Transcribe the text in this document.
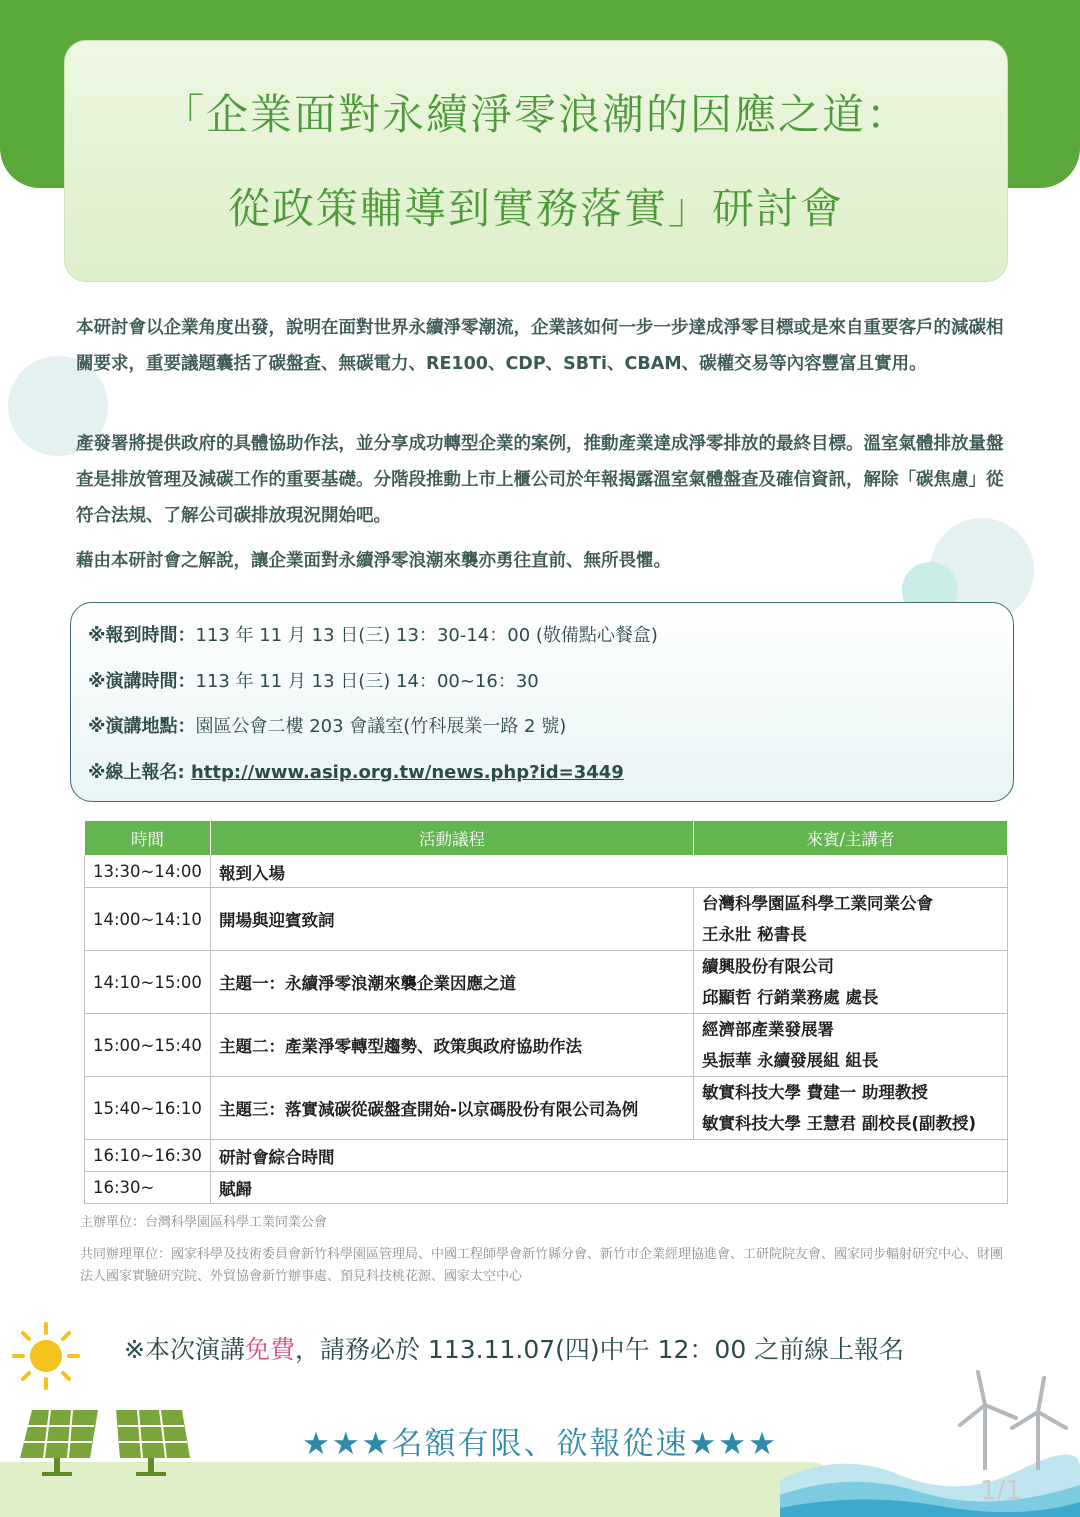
「企業面對永續淨零浪潮的因應之道：
從政策輔導到實務落實」研討會
本研討會以企業角度出發，說明在面對世界永續淨零潮流，企業該如何一步一步達成淨零目標或是來自重要客戶的減碳相關要求，重要議題囊括了碳盤查、無碳電力、RE100、CDP、SBTi、CBAM、碳權交易等內容豐富且實用。
產發署將提供政府的具體協助作法，並分享成功轉型企業的案例，推動產業達成淨零排放的最終目標。溫室氣體排放量盤查是排放管理及減碳工作的重要基礎。分階段推動上市上櫃公司於年報揭露溫室氣體盤查及確信資訊，解除「碳焦慮」從符合法規、了解公司碳排放現況開始吧。
藉由本研討會之解說，讓企業面對永續淨零浪潮來襲亦勇往直前、無所畏懼。
※報到時間：113 年 11 月 13 日(三) 13：30-14：00 (敬備點心餐盒)
※演講時間：113 年 11 月 13 日(三) 14：00~16：30
※演講地點：園區公會二樓 203 會議室(竹科展業一路 2 號)
※線上報名: http://www.asip.org.tw/news.php?id=3449
時間	活動議程	來賓/主講者
13:30~14:00	報到入場	
14:00~14:10	開場與迎賓致詞	台灣科學園區科學工業同業公會
王永壯 秘書長

14:10~15:00	主題一：永續淨零浪潮來襲企業因應之道	續興股份有限公司
邱顯哲 行銷業務處 處長

15:00~15:40	主題二：產業淨零轉型趨勢、政策與政府協助作法	經濟部產業發展署
吳振華 永續發展組 組長

15:40~16:10	主題三：落實減碳從碳盤查開始-以京碼股份有限公司為例	敏實科技大學 費建一 助理教授
敏實科技大學 王慧君 副校長(副教授)

16:10~16:30	研討會綜合時間	
16:30~	賦歸	
主辦單位：台灣科學園區科學工業同業公會
共同辦理單位：國家科學及技術委員會新竹科學園區管理局、中國工程師學會新竹縣分會、新竹市企業經理協進會、工研院院友會、國家同步輻射研究中心、財團法人國家實驗研究院、外貿協會新竹辦事處、預見科技桃花源、國家太空中心
※本次演講免費，請務必於 113.11.07(四)中午 12：00 之前線上報名
★★★名額有限、欲報從速★★★
1/1
